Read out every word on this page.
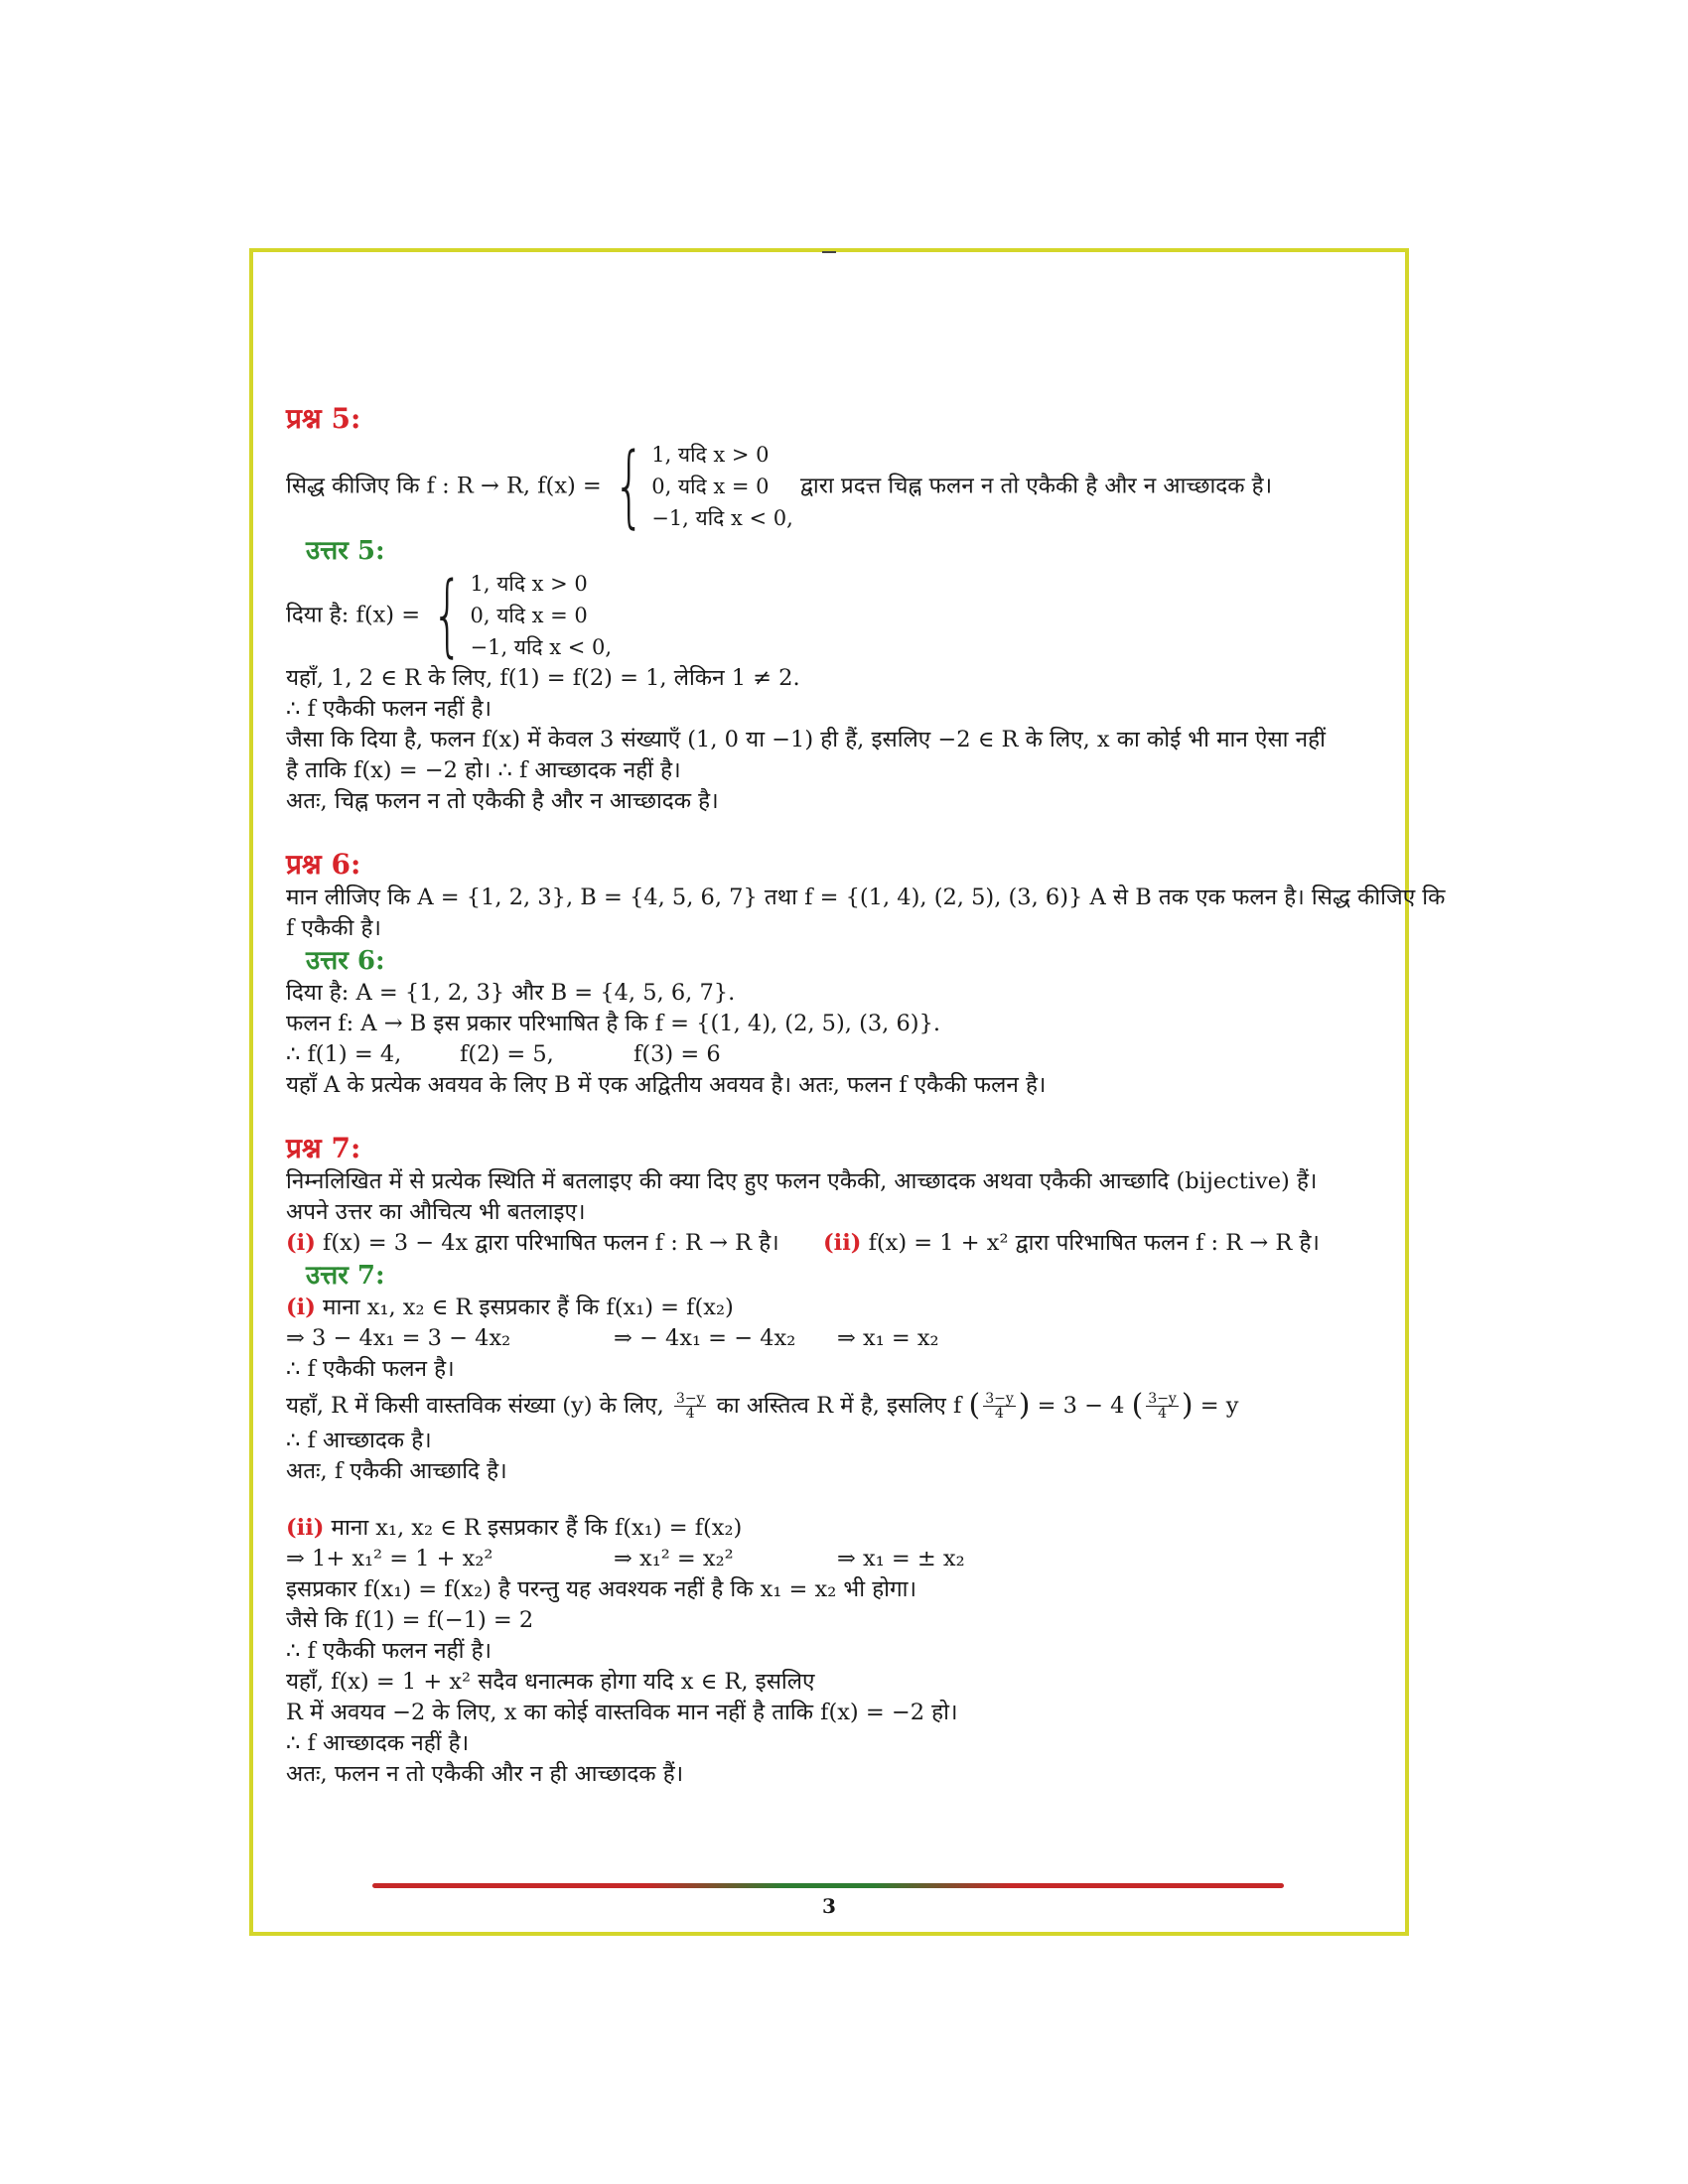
प्रश्न 5:
सिद्ध कीजिए कि f : R → R, f(x) = { 1, यदि x > 0
0, यदि x = 0
−1, यदि x < 0,
द्वारा प्रदत्त चिह्न फलन न तो एकैकी है और न आच्छादक है।
उत्तर 5:
दिया है: f(x) = { 1, यदि x > 0
0, यदि x = 0
−1, यदि x < 0,
यहाँ, 1, 2 ∈ R के लिए, f(1) = f(2) = 1, लेकिन 1 ≠ 2.
∴ f एकैकी फलन नहीं है।
जैसा कि दिया है, फलन f(x) में केवल 3 संख्याएँ (1, 0 या −1) ही हैं, इसलिए −2 ∈ R के लिए, x का कोई भी मान ऐसा नहीं
है ताकि f(x) = −2 हो। ∴ f आच्छादक नहीं है।
अतः, चिह्न फलन न तो एकैकी है और न आच्छादक है।
प्रश्न 6:
मान लीजिए कि A = {1, 2, 3}, B = {4, 5, 6, 7} तथा f = {(1, 4), (2, 5), (3, 6)} A से B तक एक फलन है। सिद्ध कीजिए कि
f एकैकी है।
उत्तर 6:
दिया है: A = {1, 2, 3} और B = {4, 5, 6, 7}.
फलन f: A → B इस प्रकार परिभाषित है कि f = {(1, 4), (2, 5), (3, 6)}.
∴ f(1) = 4,	f(2) = 5,	f(3) = 6
यहाँ A के प्रत्येक अवयव के लिए B में एक अद्वितीय अवयव है। अतः, फलन f एकैकी फलन है।
प्रश्न 7:
निम्नलिखित में से प्रत्येक स्थिति में बतलाइए की क्या दिए हुए फलन एकैकी, आच्छादक अथवा एकैकी आच्छादि (bijective) हैं।
अपने उत्तर का औचित्य भी बतलाइए।
(i) f(x) = 3 − 4x द्वारा परिभाषित फलन f : R → R है। (ii) f(x) = 1 + x² द्वारा परिभाषित फलन f : R → R है।
उत्तर 7:
(i) माना x₁, x₂ ∈ R इसप्रकार हैं कि f(x₁) = f(x₂)
⇒ 3 − 4x₁ = 3 − 4x₂	⇒ − 4x₁ = − 4x₂ ⇒ x₁ = x₂
∴ f एकैकी फलन है।
यहाँ, R में किसी वास्तविक संख्या (y) के लिए, $\frac{3-y}{4}$ का अस्तित्व R में है, इसलिए f ( $\frac{3-y}{4}$ ) = 3 − 4 ( $\frac{3-y}{4}$ ) = y
∴ f आच्छादक है।
अतः, f एकैकी आच्छादि है।
(ii) माना x₁, x₂ ∈ R इसप्रकार हैं कि f(x₁) = f(x₂)
⇒ 1+ x₁² = 1 + x₂²	⇒ x₁² = x₂²	⇒ x₁ = ± x₂
इसप्रकार f(x₁) = f(x₂) है परन्तु यह अवश्यक नहीं है कि x₁ = x₂ भी होगा।
जैसे कि f(1) = f(−1) = 2
∴ f एकैकी फलन नहीं है।
यहाँ, f(x) = 1 + x² सदैव धनात्मक होगा यदि x ∈ R, इसलिए
R में अवयव −2 के लिए, x का कोई वास्तविक मान नहीं है ताकि f(x) = −2 हो।
∴ f आच्छादक नहीं है।
अतः, फलन न तो एकैकी और न ही आच्छादक हैं।
3
